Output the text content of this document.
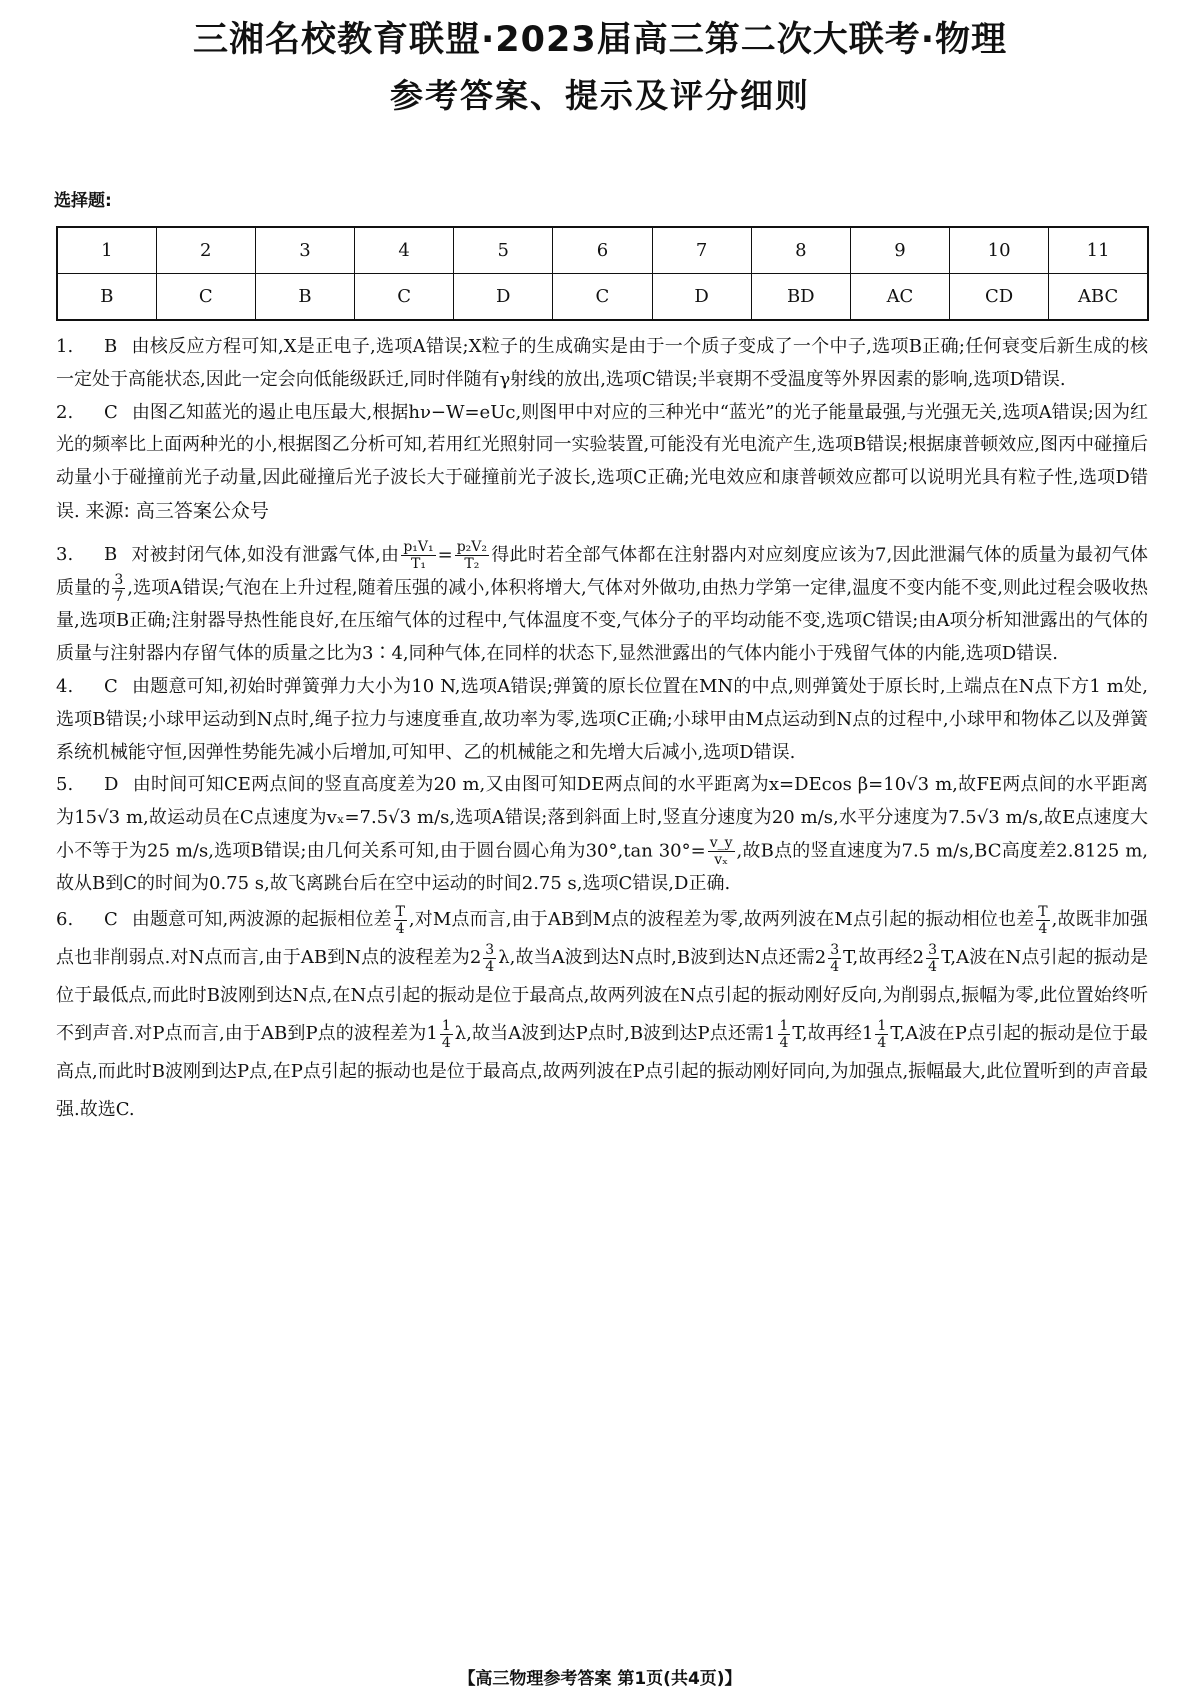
三湘名校教育联盟·2023届高三第二次大联考·物理
参考答案、提示及评分细则
选择题:
1	2	3	4	5	6	7	8	9	10	11
B	C	B	C	D	C	D	BD	AC	CD	ABC

1. B 由核反应方程可知,X是正电子,选项A错误;X粒子的生成确实是由于一个质子变成了一个中子,选项B正确;任何衰变后新生成的核一定处于高能状态,因此一定会向低能级跃迁,同时伴随有γ射线的放出,选项C错误;半衰期不受温度等外界因素的影响,选项D错误.

2. C 由图乙知蓝光的遏止电压最大,根据hν−W=eUc,则图甲中对应的三种光中“蓝光”的光子能量最强,与光强无关,选项A错误;因为红光的频率比上面两种光的小,根据图乙分析可知,若用红光照射同一实验装置,可能没有光电流产生,选项B错误;根据康普顿效应,图丙中碰撞后动量小于碰撞前光子动量,因此碰撞后光子波长大于碰撞前光子波长,选项C正确;光电效应和康普顿效应都可以说明光具有粒子性,选项D错误. 来源: 高三答案公众号

3. B 对被封闭气体,如没有泄露气体,由 $\frac{\text{p₁V₁}}{\text{T₁}} = \frac{\text{p₂V₂}}{\text{T₂}}$ 得此时若全部气体都在注射器内对应刻度应该为7,因此泄漏气体的质量为最初气体质量的 $\frac{3}{7}$ ,选项A错误;气泡在上升过程,随着压强的减小,体积将增大,气体对外做功,由热力学第一定律,温度不变内能不变,则此过程会吸收热量,选项B正确;注射器导热性能良好,在压缩气体的过程中,气体温度不变,气体分子的平均动能不变,选项C错误;由A项分析知泄露出的气体的质量与注射器内存留气体的质量之比为3∶4,同种气体,在同样的状态下,显然泄露出的气体内能小于残留气体的内能,选项D错误.

4. C 由题意可知,初始时弹簧弹力大小为10 N,选项A错误;弹簧的原长位置在MN的中点,则弹簧处于原长时,上端点在N点下方1 m处,选项B错误;小球甲运动到N点时,绳子拉力与速度垂直,故功率为零,选项C正确;小球甲由M点运动到N点的过程中,小球甲和物体乙以及弹簧系统机械能守恒,因弹性势能先减小后增加,可知甲、乙的机械能之和先增大后减小,选项D错误.

5. D 由时间可知CE两点间的竖直高度差为20 m,又由图可知DE两点间的水平距离为x=DEcos β=10√3 m,故FE两点间的水平距离为15√3 m,故运动员在C点速度为vₓ=7.5√3 m/s,选项A错误;落到斜面上时,竖直分速度为20 m/s,水平分速度为7.5√3 m/s,故E点速度大小不等于为25 m/s,选项B错误;由几何关系可知,由于圆台圆心角为30°,tan $30^\circ= \frac{v\_y}{\text{vₓ}}$ ,故B点的竖直速度为7.5 m/s,BC高度差2.8125 m,故从B到C的时间为0.75 s,故飞离跳台后在空中运动的时间2.75 s,选项C错误,D正确.

6. C 由题意可知,两波源的起振相位差 $\frac{T}{4}$ ,对M点而言,由于AB到M点的波程差为零,故两列波在M点引起的振动相位也差 $\frac{T}{4}$ ,故既非加强点也非削弱点.对N点而言,由于AB到N点的波程差为$2 \frac{3}{4} \lambda$,故当A波到达N点时,B波到达N点还需$2 \frac{3}{4} T$,故再经$2 \frac{3}{4} T,A$波在N点引起的振动是位于最低点,而此时B波刚到达N点,在N点引起的振动是位于最高点,故两列波在N点引起的振动刚好反向,为削弱点,振幅为零,此位置始终听不到声音.对P点而言,由于AB到P点的波程差为$1 \frac{1}{4} \lambda$,故当A波到达P点时,B波到达P点还需$1 \frac{1}{4} T$,故再经$1 \frac{1}{4} T,A$波在P点引起的振动是位于最高点,而此时B波刚到达P点,在P点引起的振动也是位于最高点,故两列波在P点引起的振动刚好同向,为加强点,振幅最大,此位置听到的声音最强.故选C.

【高三物理参考答案 第1页(共4页)】
